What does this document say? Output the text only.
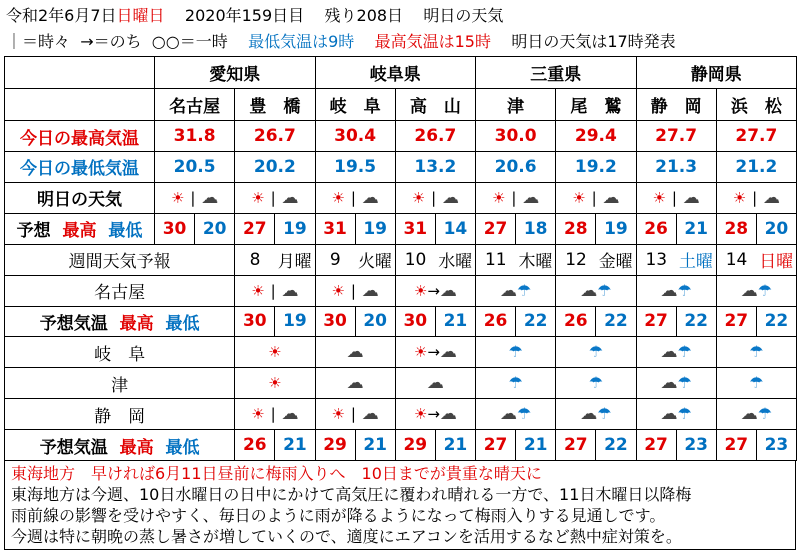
令和2年6月7日日曜日 2020年159日目 残り208日 明日の天気
｜＝時々 →＝のち ○○＝一時 最低気温は9時 最高気温は15時 明日の天気は17時発表
	愛知県				岐阜県				三重県				静岡県			
	名古屋		豊　橋		岐　阜		高　山		津		尾　鷲		静　岡		浜　松	
今日の最高気温	31.8		26.7		30.4		26.7		30.0		29.4		27.7		27.7	
今日の最低気温	20.5		20.2		19.5		13.2		20.6		19.2		21.3		21.2	
明日の天気	☀ | ☁		☀ | ☁		☀ | ☁		☀ | ☁		☀ | ☁		☀ | ☁		☀ | ☁		☀ | ☁	
予想 最高 最低	30	20	27	19	31	19	31	14	27	18	28	19	26	21	28	20
週間天気予報			8	月曜	9	火曜	10	水曜	11	木曜	12	金曜	13	土曜	14	日曜
名古屋			☀ | ☁		☀ | ☁		☀→☁		☁☂		☁☂		☁☂		☁☂	
予想気温 最高 最低			30	19	30	20	30	21	26	22	26	22	27	22	27	22
岐　阜			☀		☁		☀→☁		☂		☂		☁☂		☂	
津			☀		☁		☁		☂		☂		☁☂		☂	
静　岡			☀ | ☁		☀ | ☁		☀→☁		☁☂		☁☂		☁☂		☁☂	
予想気温 最高 最低			26	21	29	21	29	21	27	21	27	22	27	23	27	23
東海地方　早ければ6月11日昼前に梅雨入りへ　10日までが貴重な晴天に
東海地方は今週、10日水曜日の日中にかけて高気圧に覆われ晴れる一方で、11日木曜日以降梅
雨前線の影響を受けやすく、毎日のように雨が降るようになって梅雨入りする見通しです。
今週は特に朝晩の蒸し暑さが増していくので、適度にエアコンを活用するなど熱中症対策を。
